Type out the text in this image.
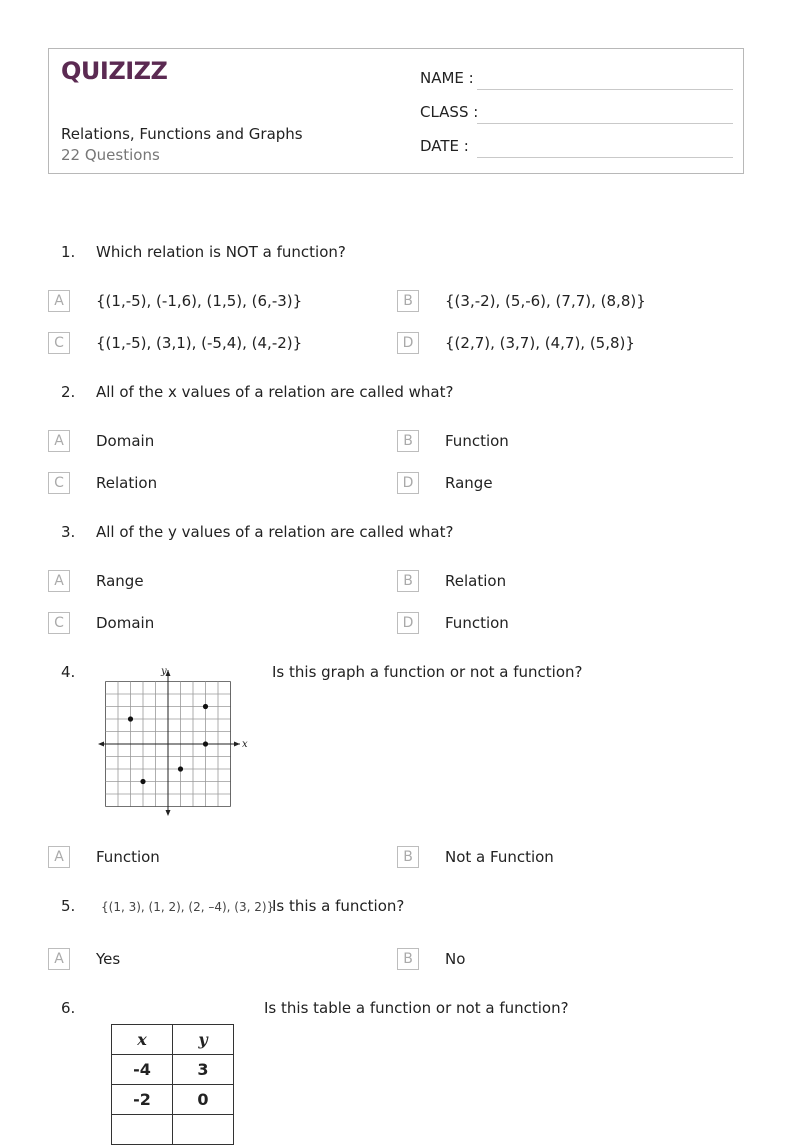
QUIZIZZ
Relations, Functions and Graphs
22 Questions
NAME :
CLASS :
DATE :
1. Which relation is NOT a function?
A	{(1,-5), (-1,6), (1,5), (6,-3)}	B	{(3,-2), (5,-6), (7,7), (8,8)}
C	{(1,-5), (3,1), (-5,4), (4,-2)}	D	{(2,7), (3,7), (4,7), (5,8)}
2. All of the x values of a relation are called what?
A	Domain	B	Function
C	Relation	D	Range
3. All of the y values of a relation are called what?
A	Range	B	Relation
C	Domain	D	Function
4.	Is this graph a function or not a function?
x
y
A	Function	B	Not a Function
5. {(1, 3), (1, 2), (2, –4), (3, 2)}
Is this a function?
A	Yes	B	No
6.	Is this table a function or not a function?
x	y
-4	3
-2	0
